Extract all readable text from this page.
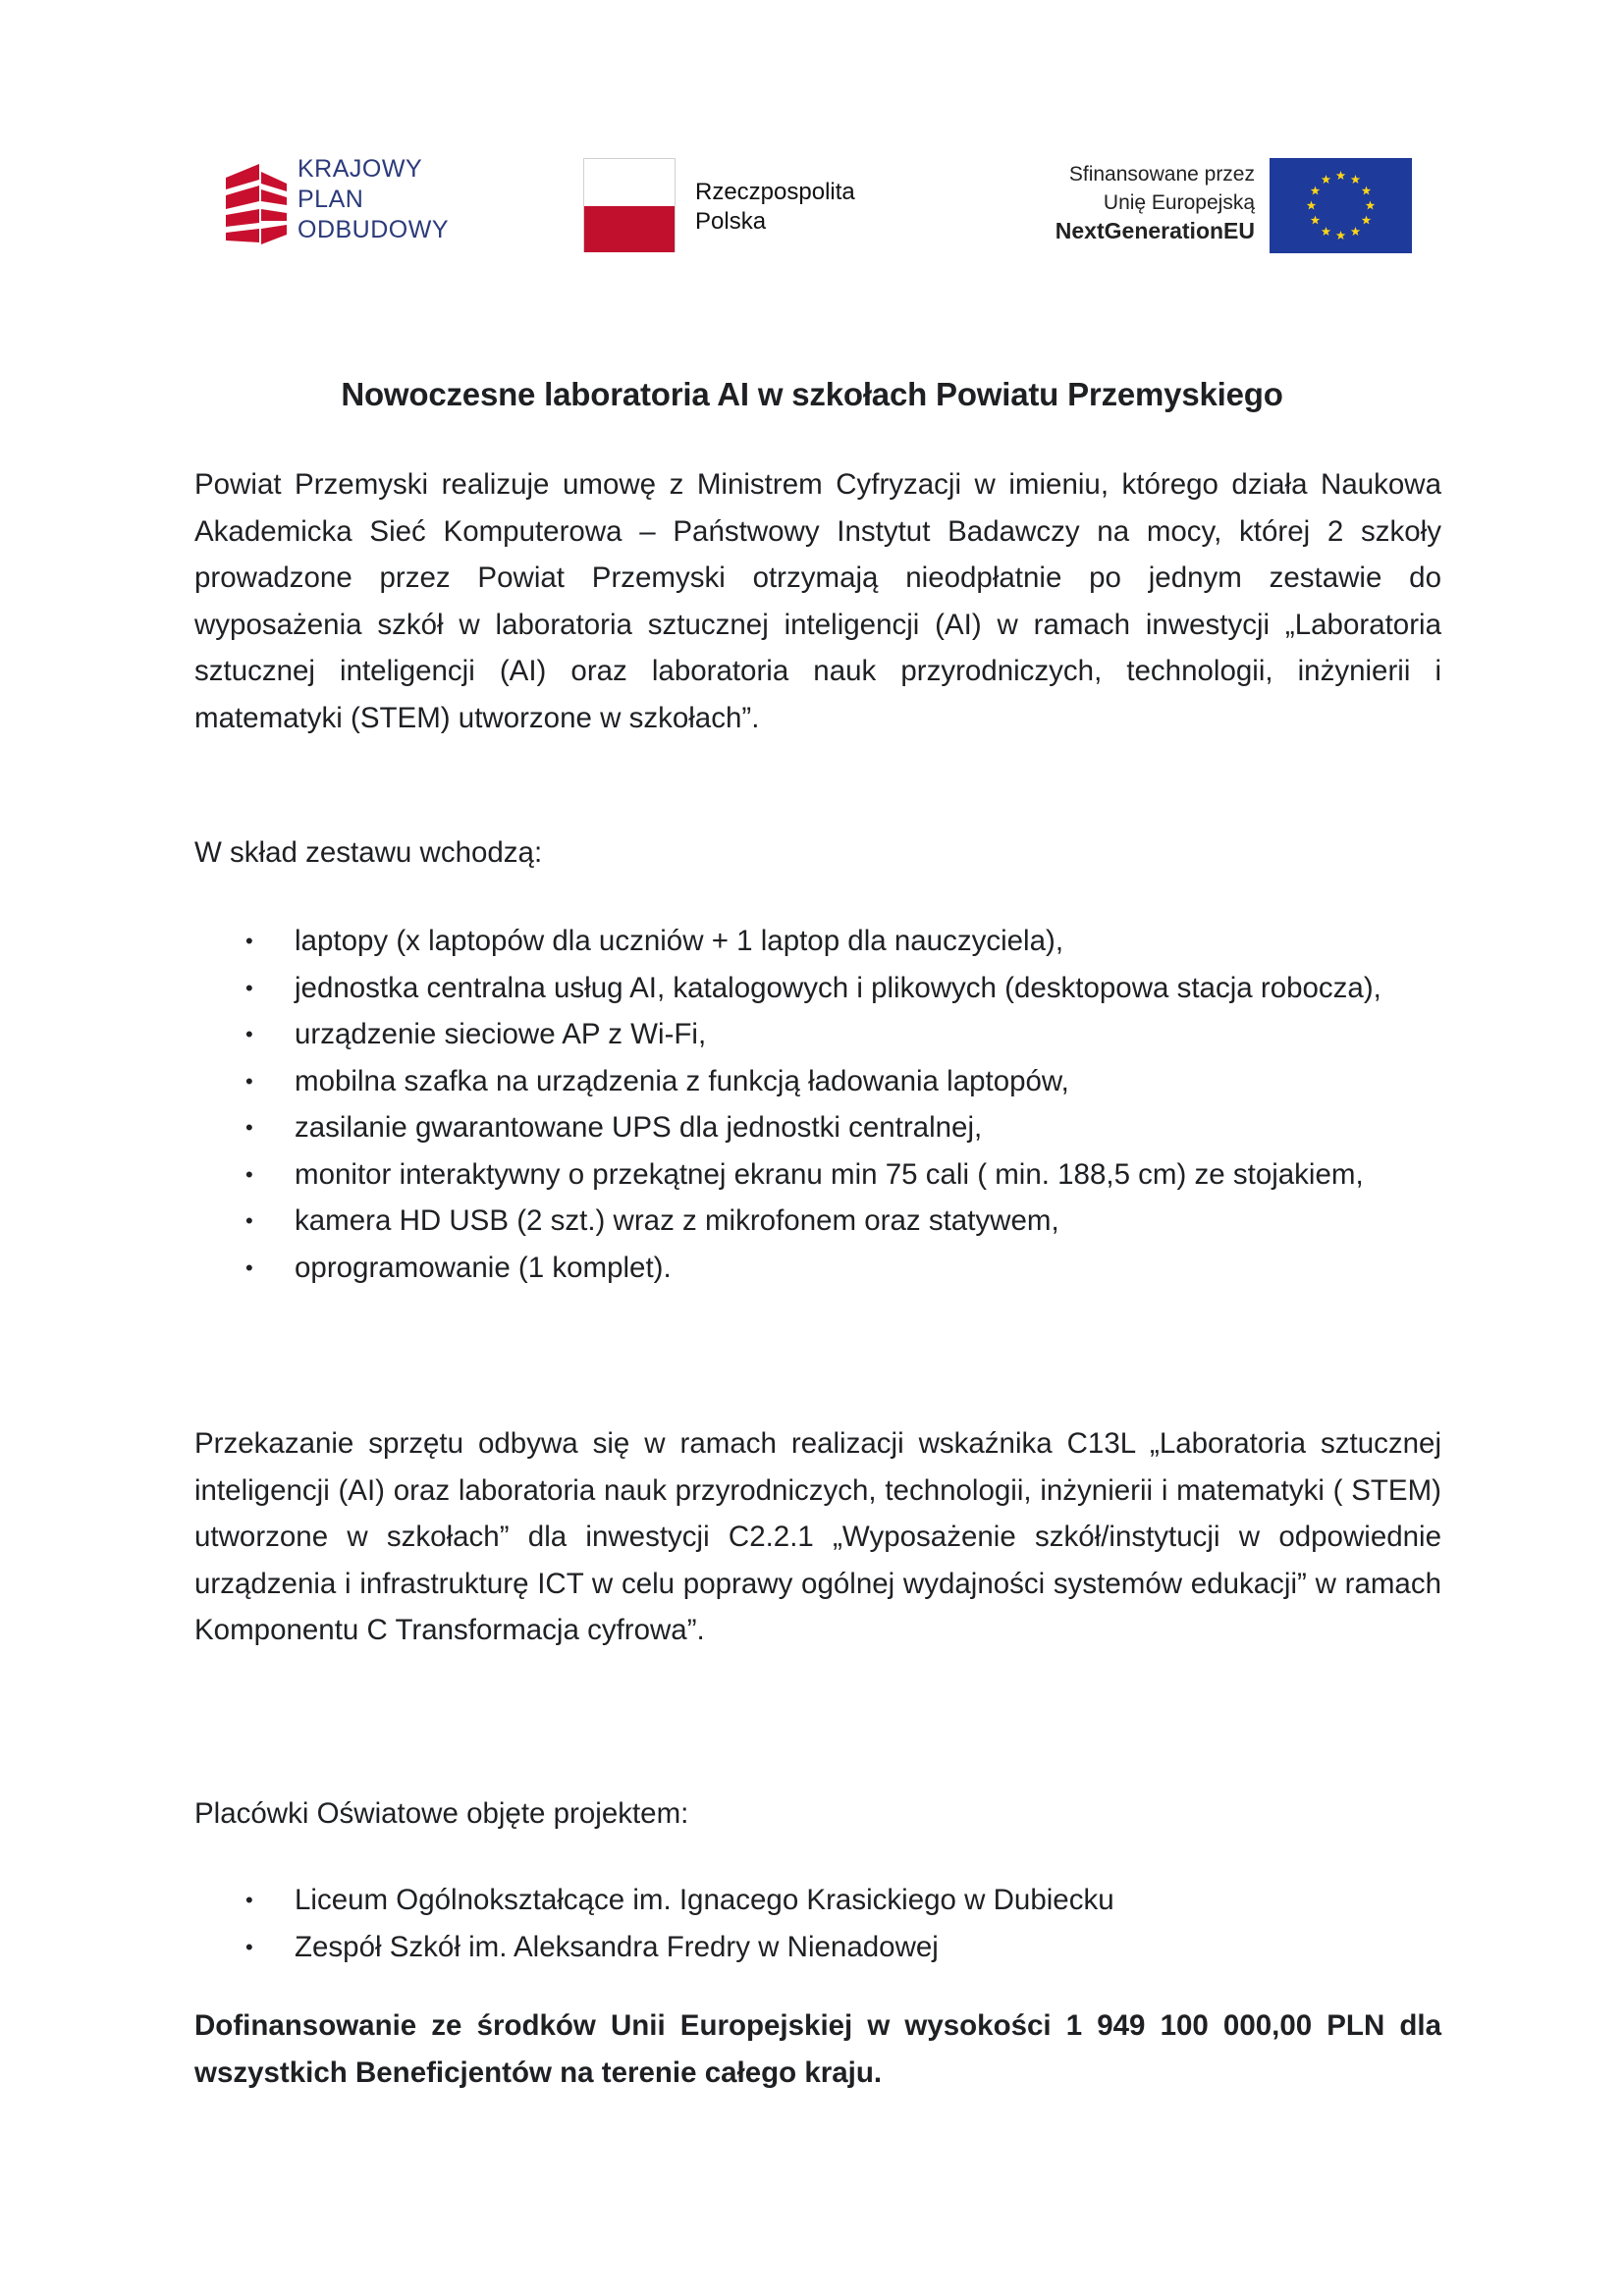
KRAJOWY
PLAN
ODBUDOWY
Rzeczpospolita
Polska
Sfinansowane przez
Unię Europejską
NextGenerationEU
Nowoczesne laboratoria AI w szkołach Powiatu Przemyskiego
Powiat Przemyski realizuje umowę z Ministrem Cyfryzacji w imieniu, którego działa Naukowa Akademicka Sieć Komputerowa – Państwowy Instytut Badawczy na mocy, której 2 szkoły prowadzone przez Powiat Przemyski otrzymają nieodpłatnie po jednym zestawie do wyposażenia szkół w laboratoria sztucznej inteligencji (AI) w ramach inwestycji „Laboratoria sztucznej inteligencji (AI) oraz laboratoria nauk przyrodniczych, technologii, inżynierii i matematyki (STEM) utworzone w szkołach”.
W skład zestawu wchodzą:
• laptopy (x laptopów dla uczniów + 1 laptop dla nauczyciela),
• jednostka centralna usług AI, katalogowych i plikowych (desktopowa stacja robocza),
• urządzenie sieciowe AP z Wi-Fi,
• mobilna szafka na urządzenia z funkcją ładowania laptopów,
• zasilanie gwarantowane UPS dla jednostki centralnej,
• monitor interaktywny o przekątnej ekranu min 75 cali ( min. 188,5 cm) ze stojakiem,
• kamera HD USB (2 szt.) wraz z mikrofonem oraz statywem,
• oprogramowanie (1 komplet).
Przekazanie sprzętu odbywa się w ramach realizacji wskaźnika C13L „Laboratoria sztucznej inteligencji (AI) oraz laboratoria nauk przyrodniczych, technologii, inżynierii i matematyki ( STEM) utworzone w szkołach” dla inwestycji C2.2.1 „Wyposażenie szkół/instytucji w odpowiednie urządzenia i infrastrukturę ICT w celu poprawy ogólnej wydajności systemów edukacji” w ramach Komponentu C Transformacja cyfrowa”.
Placówki Oświatowe objęte projektem:
• Liceum Ogólnokształcące im. Ignacego Krasickiego w Dubiecku
• Zespół Szkół im. Aleksandra Fredry w Nienadowej
Dofinansowanie ze środków Unii Europejskiej w wysokości 1 949 100 000,00 PLN dla wszystkich Beneficjentów na terenie całego kraju.
